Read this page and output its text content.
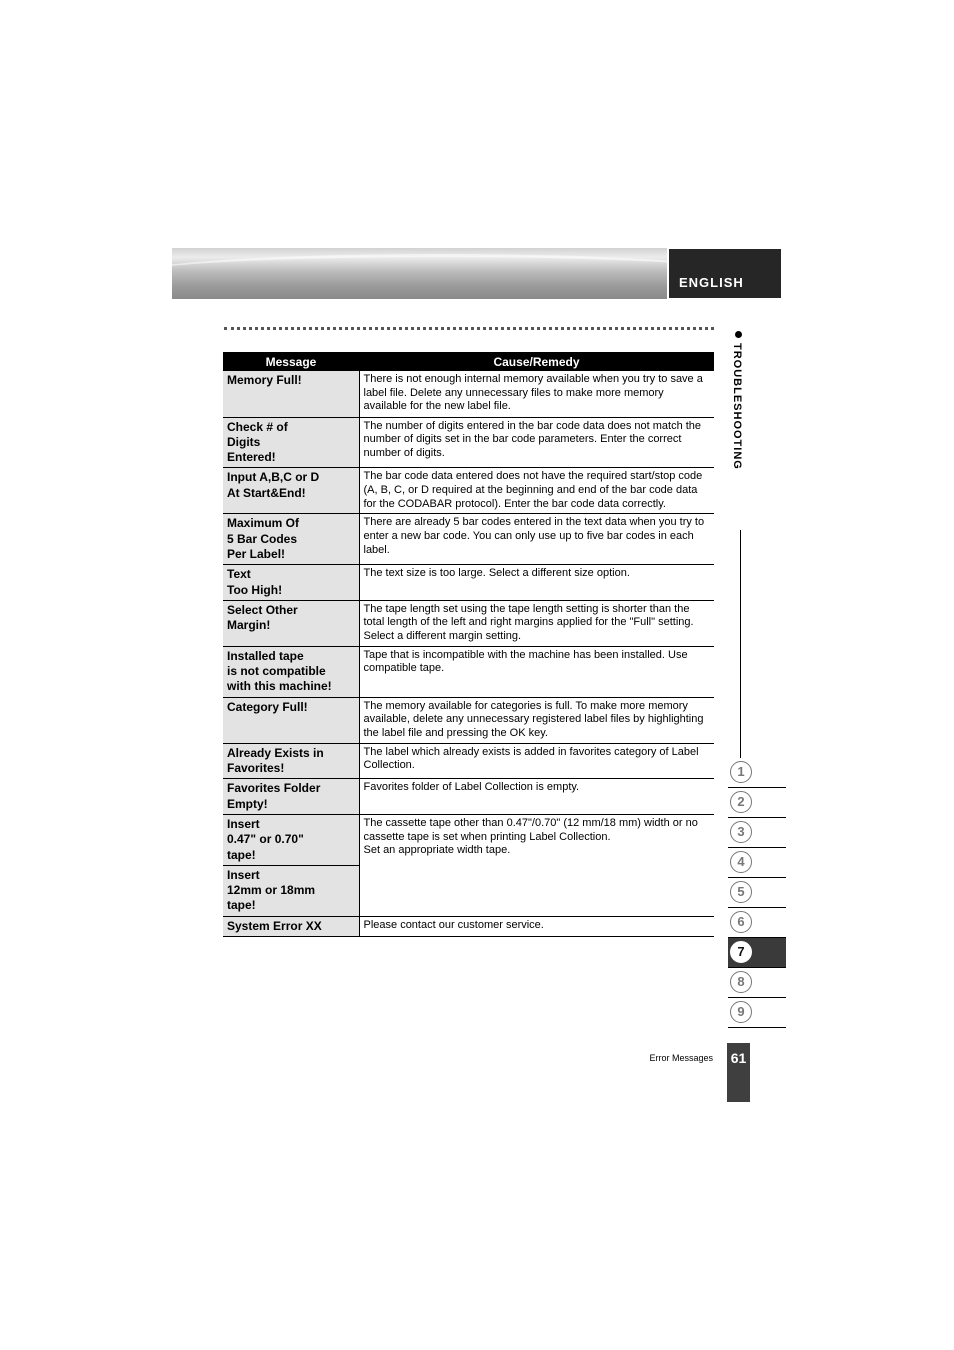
ENGLISH
TROUBLESHOOTING
1
2
3
4
5
6
7
8
9
Message	Cause/Remedy
Memory Full!	There is not enough internal memory available when you try to save a label file. Delete any unnecessary files to make more memory available for the new label file.
Check # of
Digits
Entered!	The number of digits entered in the bar code data does not match the number of digits set in the bar code parameters. Enter the correct number of digits.
Input A,B,C or D
At Start&End!	The bar code data entered does not have the required start/stop code (A, B, C, or D required at the beginning and end of the bar code data for the CODABAR protocol). Enter the bar code data correctly.
Maximum Of
5 Bar Codes
Per Label!	There are already 5 bar codes entered in the text data when you try to enter a new bar code. You can only use up to five bar codes in each label.
Text
Too High!	The text size is too large. Select a different size option.
Select Other
Margin!	The tape length set using the tape length setting is shorter than the total length of the left and right margins applied for the "Full" setting. Select a different margin setting.
Installed tape
is not compatible
with this machine!	Tape that is incompatible with the machine has been installed. Use compatible tape.
Category Full!	The memory available for categories is full. To make more memory available, delete any unnecessary registered label files by highlighting the label file and pressing the OK key.
Already Exists in
Favorites!	The label which already exists is added in favorites category of Label Collection.
Favorites Folder
Empty!	Favorites folder of Label Collection is empty.
Insert
0.47" or 0.70"
tape!	The cassette tape other than 0.47"/0.70" (12 mm/18 mm) width or no cassette tape is set when printing Label Collection.
Set an appropriate width tape.
Insert
12mm or 18mm
tape!	
System Error XX	Please contact our customer service.
Error Messages 61
